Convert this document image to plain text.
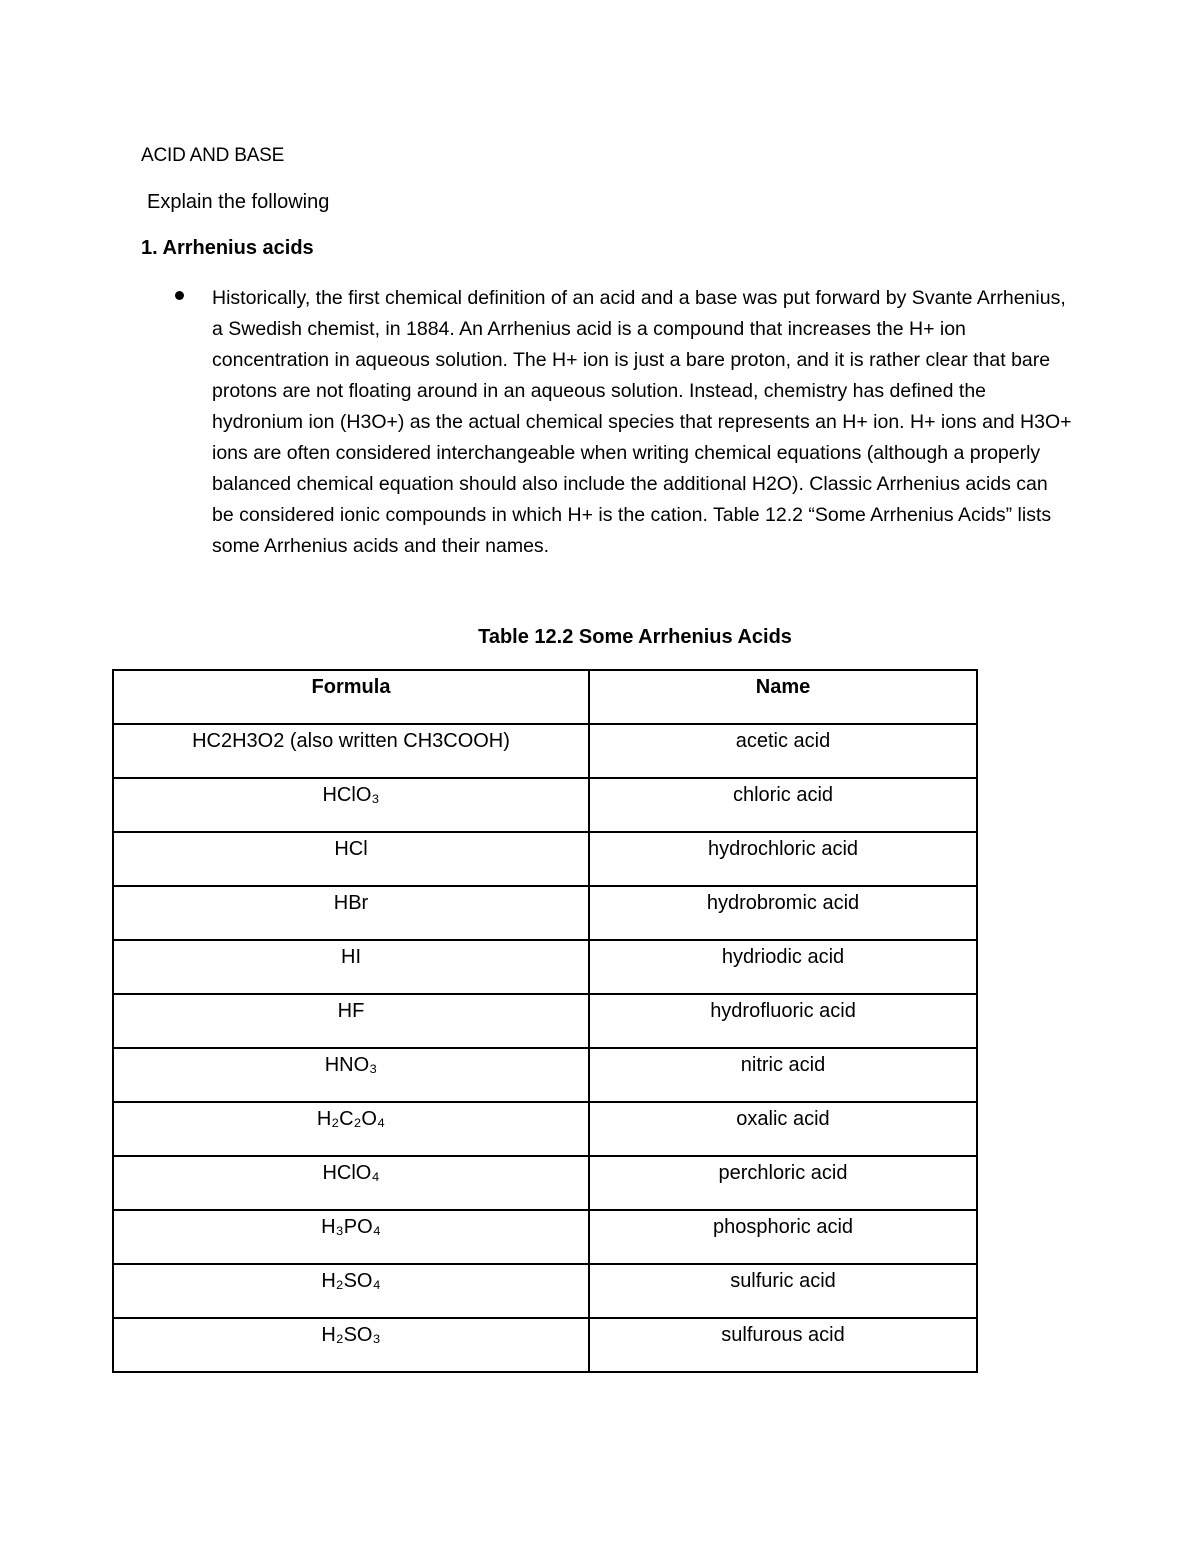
ACID AND BASE
Explain the following
1. Arrhenius acids

Historically, the first chemical definition of an acid and a base was put forward by Svante Arrhenius, a Swedish chemist, in 1884. An Arrhenius acid is a compound that increases the H+ ion concentration in aqueous solution. The H+ ion is just a bare proton, and it is rather clear that bare protons are not floating around in an aqueous solution. Instead, chemistry has defined the hydronium ion (H3O+) as the actual chemical species that represents an H+ ion. H+ ions and H3O+ ions are often considered interchangeable when writing chemical equations (although a properly balanced chemical equation should also include the additional H2O). Classic Arrhenius acids can be considered ionic compounds in which H+ is the cation. Table 12.2 “Some Arrhenius Acids” lists some Arrhenius acids and their names.

Table 12.2 Some Arrhenius Acids
Formula	Name
HC2H3O2 (also written CH3COOH)	acetic acid
HClO₃	chloric acid
HCl	hydrochloric acid
HBr	hydrobromic acid
HI	hydriodic acid
HF	hydrofluoric acid
HNO₃	nitric acid
H₂C₂O₄	oxalic acid
HClO₄	perchloric acid
H₃PO₄	phosphoric acid
H₂SO₄	sulfuric acid
H₂SO₃	sulfurous acid
